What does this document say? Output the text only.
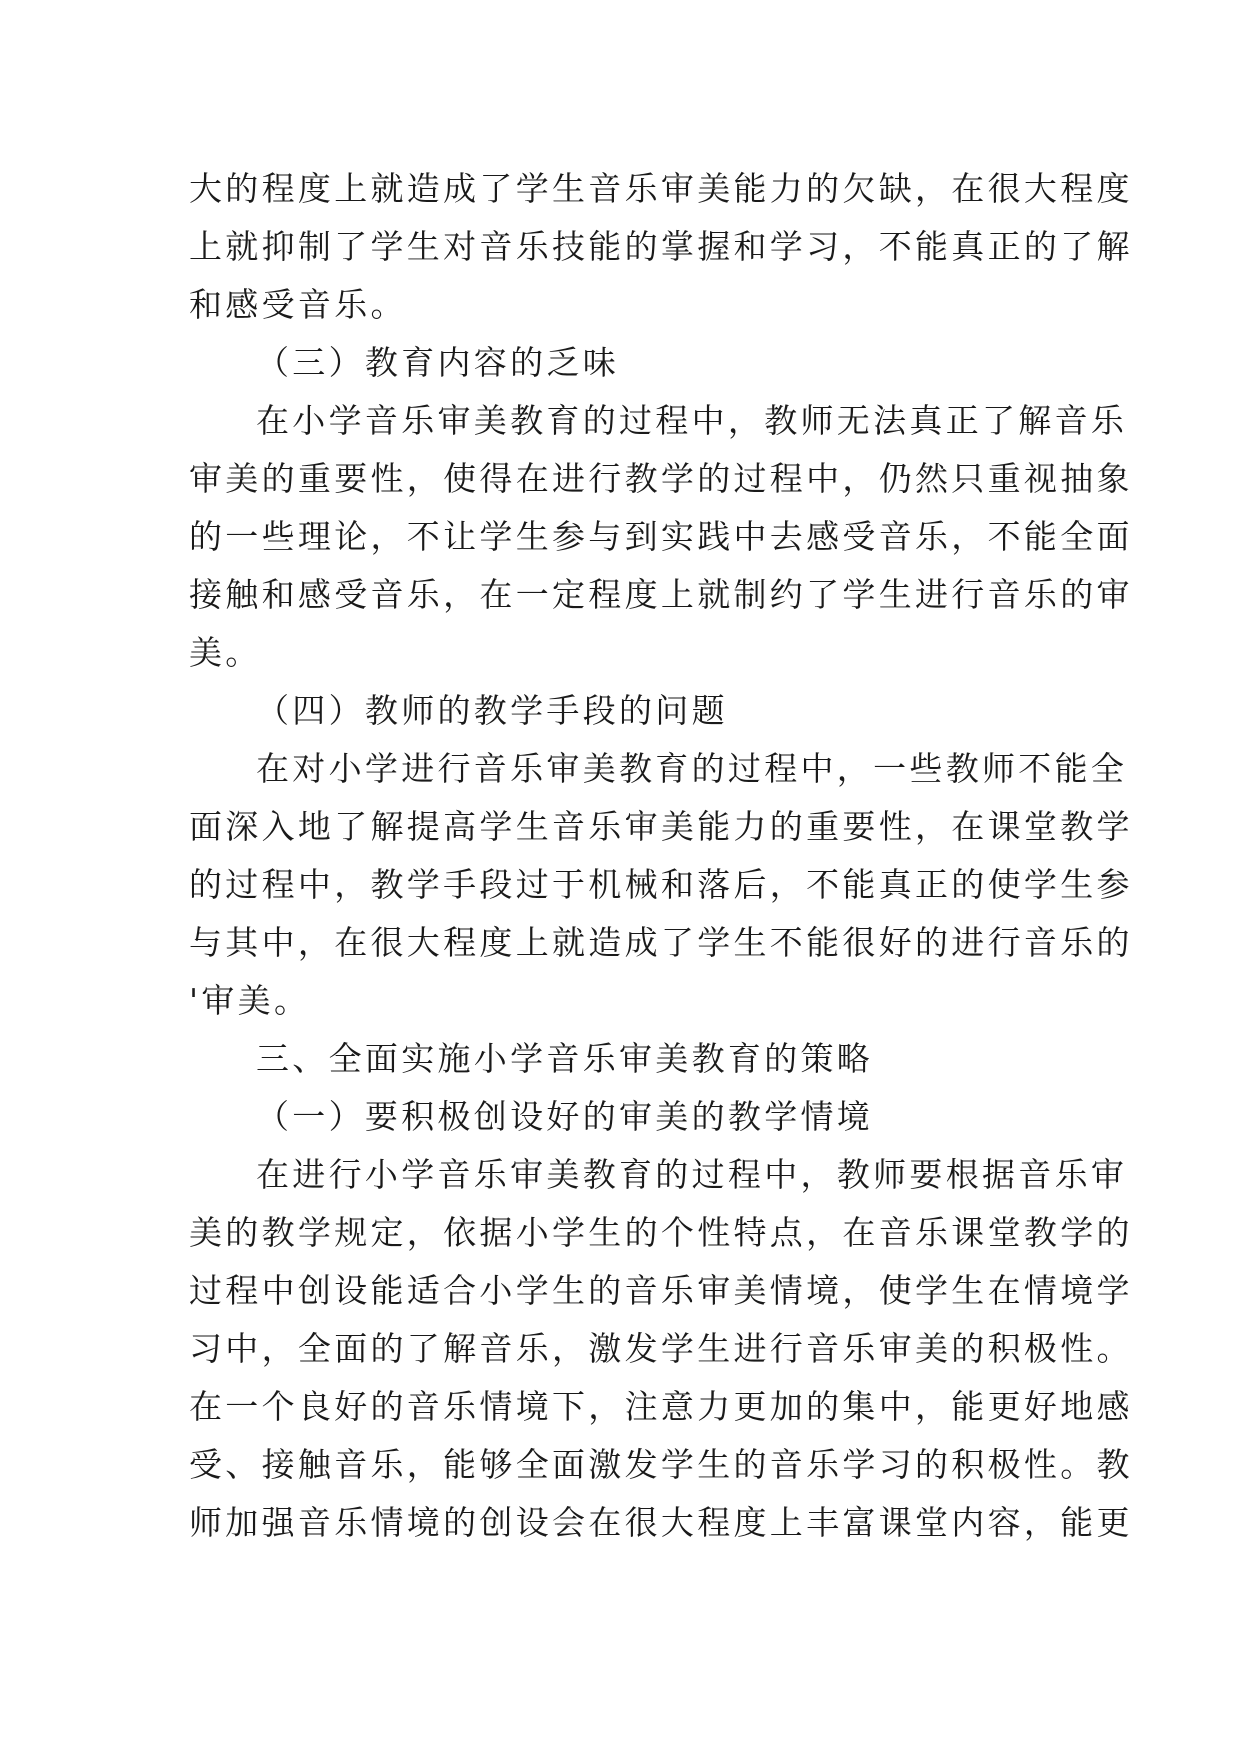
大的程度上就造成了学生音乐审美能力的欠缺，在很大程度
上就抑制了学生对音乐技能的掌握和学习，不能真正的了解
和感受音乐。
（三）教育内容的乏味
在小学音乐审美教育的过程中，教师无法真正了解音乐
审美的重要性，使得在进行教学的过程中，仍然只重视抽象
的一些理论，不让学生参与到实践中去感受音乐，不能全面
接触和感受音乐，在一定程度上就制约了学生进行音乐的审
美。
（四）教师的教学手段的问题
在对小学进行音乐审美教育的过程中，一些教师不能全
面深入地了解提高学生音乐审美能力的重要性，在课堂教学
的过程中，教学手段过于机械和落后，不能真正的使学生参
与其中，在很大程度上就造成了学生不能很好的进行音乐的
'审美。
三、全面实施小学音乐审美教育的策略
（一）要积极创设好的审美的教学情境
在进行小学音乐审美教育的过程中，教师要根据音乐审
美的教学规定，依据小学生的个性特点，在音乐课堂教学的
过程中创设能适合小学生的音乐审美情境，使学生在情境学
习中，全面的了解音乐，激发学生进行音乐审美的积极性。
在一个良好的音乐情境下，注意力更加的集中，能更好地感
受、接触音乐，能够全面激发学生的音乐学习的积极性。教
师加强音乐情境的创设会在很大程度上丰富课堂内容，能更
